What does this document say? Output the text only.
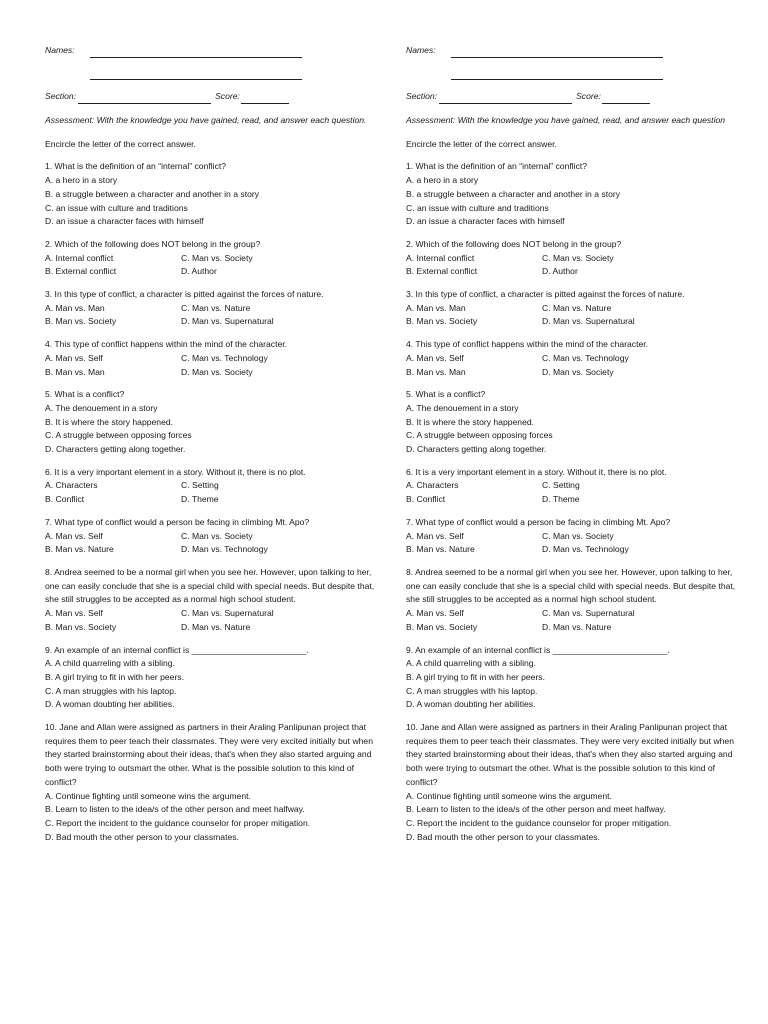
Names:
Section:	Score:
Assessment: With the knowledge you have gained, read, and answer each question.
Encircle the letter of the correct answer.
1. What is the definition of an “internal” conflict?
A. a hero in a story
B. a struggle between a character and another in a story
C. an issue with culture and traditions
D. an issue a character faces with himself
2. Which of the following does NOT belong in the group?
A. Internal conflict	C. Man vs. Society
B. External conflict	D. Author
3. In this type of conflict, a character is pitted against the forces of nature.
A. Man vs. Man	C. Man vs. Nature
B. Man vs. Society	D. Man vs. Supernatural
4. This type of conflict happens within the mind of the character.
A. Man vs. Self	C. Man vs. Technology
B. Man vs. Man	D. Man vs. Society
5. What is a conflict?
A. The denouement in a story
B. It is where the story happened.
C. A struggle between opposing forces
D. Characters getting along together.
6. It is a very important element in a story. Without it, there is no plot.
A. Characters	C. Setting
B. Conflict	D. Theme
7. What type of conflict would a person be facing in climbing Mt. Apo?
A. Man vs. Self	C. Man vs. Society
B. Man vs. Nature	D. Man vs. Technology
8. Andrea seemed to be a normal girl when you see her. However, upon talking to her, one can easily conclude that she is a special child with special needs. But despite that, she still struggles to be accepted as a normal high school student.
A. Man vs. Self	C. Man vs. Supernatural
B. Man vs. Society	D. Man vs. Nature
9. An example of an internal conflict is ________________________.
A. A child quarreling with a sibling.
B. A girl trying to fit in with her peers.
C. A man struggles with his laptop.
D. A woman doubting her abilities.
10. Jane and Allan were assigned as partners in their Araling Panlipunan project that requires them to peer teach their classmates. They were very excited initially but when they started brainstorming about their ideas, that's when they also started arguing and both were trying to outsmart the other. What is the possible solution to this kind of conflict?
A. Continue fighting until someone wins the argument.
B. Learn to listen to the idea/s of the other person and meet halfway.
C. Report the incident to the guidance counselor for proper mitigation.
D. Bad mouth the other person to your classmates.
Names:
Section:	Score:
Assessment: With the knowledge you have gained, read, and answer each question
Encircle the letter of the correct answer.
1. What is the definition of an “internal” conflict?
A. a hero in a story
B. a struggle between a character and another in a story
C. an issue with culture and traditions
D. an issue a character faces with himself
2. Which of the following does NOT belong in the group?
A. Internal conflict	C. Man vs. Society
B. External conflict	D. Author
3. In this type of conflict, a character is pitted against the forces of nature.
A. Man vs. Man	C. Man vs. Nature
B. Man vs. Society	D. Man vs. Supernatural
4. This type of conflict happens within the mind of the character.
A. Man vs. Self	C. Man vs. Technology
B. Man vs. Man	D. Man vs. Society
5. What is a conflict?
A. The denouement in a story
B. It is where the story happened.
C. A struggle between opposing forces
D. Characters getting along together.
6. It is a very important element in a story. Without it, there is no plot.
A. Characters	C. Setting
B. Conflict	D. Theme
7. What type of conflict would a person be facing in climbing Mt. Apo?
A. Man vs. Self	C. Man vs. Society
B. Man vs. Nature	D. Man vs. Technology
8. Andrea seemed to be a normal girl when you see her. However, upon talking to her, one can easily conclude that she is a special child with special needs. But despite that, she still struggles to be accepted as a normal high school student.
A. Man vs. Self	C. Man vs. Supernatural
B. Man vs. Society	D. Man vs. Nature
9. An example of an internal conflict is ________________________.
A. A child quarreling with a sibling.
B. A girl trying to fit in with her peers.
C. A man struggles with his laptop.
D. A woman doubting her abilities.
10. Jane and Allan were assigned as partners in their Araling Panlipunan project that requires them to peer teach their classmates. They were very excited initially but when they started brainstorming about their ideas, that's when they also started arguing and both were trying to outsmart the other. What is the possible solution to this kind of conflict?
A. Continue fighting until someone wins the argument.
B. Learn to listen to the idea/s of the other person and meet halfway.
C. Report the incident to the guidance counselor for proper mitigation.
D. Bad mouth the other person to your classmates.
